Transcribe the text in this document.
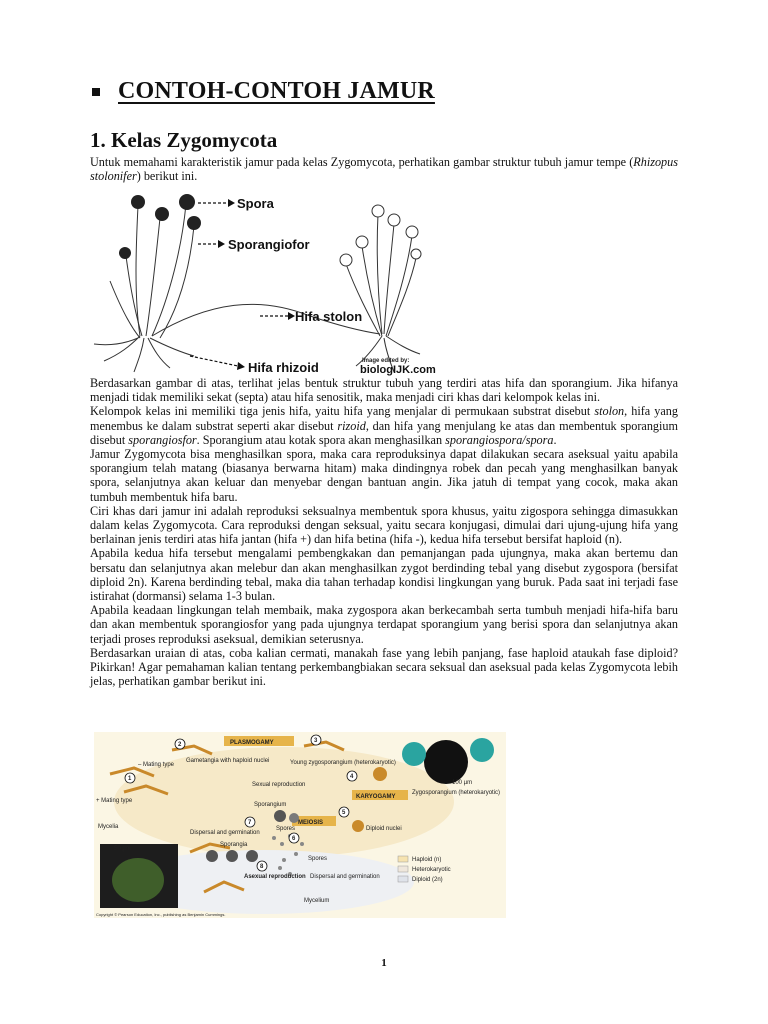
CONTOH-CONTOH JAMUR
1. Kelas Zygomycota

Untuk memahami karakteristik jamur pada kelas Zygomycota, perhatikan gambar struktur tubuh jamur tempe (Rhizopus stolonifer) berikut ini.

Spora
Sporangiofor
Hifa stolon
Hifa rhizoid	Image edited by:
biologIJK.com

Berdasarkan gambar di atas, terlihat jelas bentuk struktur tubuh yang terdiri atas hifa dan sporangium. Jika hifanya menjadi tidak memiliki sekat (septa) atau hifa senositik, maka menjadi ciri khas dari kelompok kelas ini.

Kelompok kelas ini memiliki tiga jenis hifa, yaitu hifa yang menjalar di permukaan substrat disebut stolon, hifa yang menembus ke dalam substrat seperti akar disebut rizoid, dan hifa yang menjulang ke atas dan membentuk sporangium disebut sporangiosfor. Sporangium atau kotak spora akan menghasilkan sporangiospora/spora.

Jamur Zygomycota bisa menghasilkan spora, maka cara reproduksinya dapat dilakukan secara aseksual yaitu apabila sporangium telah matang (biasanya berwarna hitam) maka dindingnya robek dan pecah yang menghasilkan banyak spora, selanjutnya akan keluar dan menyebar dengan bantuan angin. Jika jatuh di tempat yang cocok, maka akan tumbuh membentuk hifa baru.

Ciri khas dari jamur ini adalah reproduksi seksualnya membentuk spora khusus, yaitu zigospora sehingga dimasukkan dalam kelas Zygomycota. Cara reproduksi dengan seksual, yaitu secara konjugasi, dimulai dari ujung-ujung hifa yang berlainan jenis terdiri atas hifa jantan (hifa +) dan hifa betina (hifa -), kedua hifa tersebut bersifat haploid (n).

Apabila kedua hifa tersebut mengalami pembengkakan dan pemanjangan pada ujungnya, maka akan bertemu dan bersatu dan selanjutnya akan melebur dan akan menghasilkan zygot berdinding tebal yang disebut zygospora (bersifat diploid 2n). Karena berdinding tebal, maka dia tahan terhadap kondisi lingkungan yang buruk. Pada saat ini terjadi fase istirahat (dormansi) selama 1-3 bulan.

Apabila keadaan lingkungan telah membaik, maka zygospora akan berkecambah serta tumbuh menjadi hifa-hifa baru dan akan membentuk sporangiosfor yang pada ujungnya terdapat sporangium yang berisi spora dan selanjutnya akan terjadi proses reproduksi aseksual, demikian seterusnya.

Berdasarkan uraian di atas, coba kalian cermati, manakah fase yang lebih panjang, fase haploid ataukah fase diploid? Pikirkan! Agar pemahaman kalian tentang perkembangbiakan secara seksual dan aseksual pada kelas Zygomycota lebih jelas, perhatikan gambar berikut ini.

PLASMOGAMY
KARYOGAMY
MEIOSIS
1
2
3
4
5
6
7
8
Gametangia with haploid nuclei	Young zygosporangium (heterokaryotic)
– Mating type
+ Mating type
Mycelia
Sexual reproduction
Zygosporangium (heterokaryotic)
100 µm
Sporangium
Diploid nuclei
Dispersal and germination
Spores
Sporangia
Spores
Asexual reproduction Dispersal and germination
Mycelium
50 µm
Haploid (n)
Heterokaryotic
Diploid (2n)
Copyright © Pearson Education, Inc., publishing as Benjamin Cummings.
1
